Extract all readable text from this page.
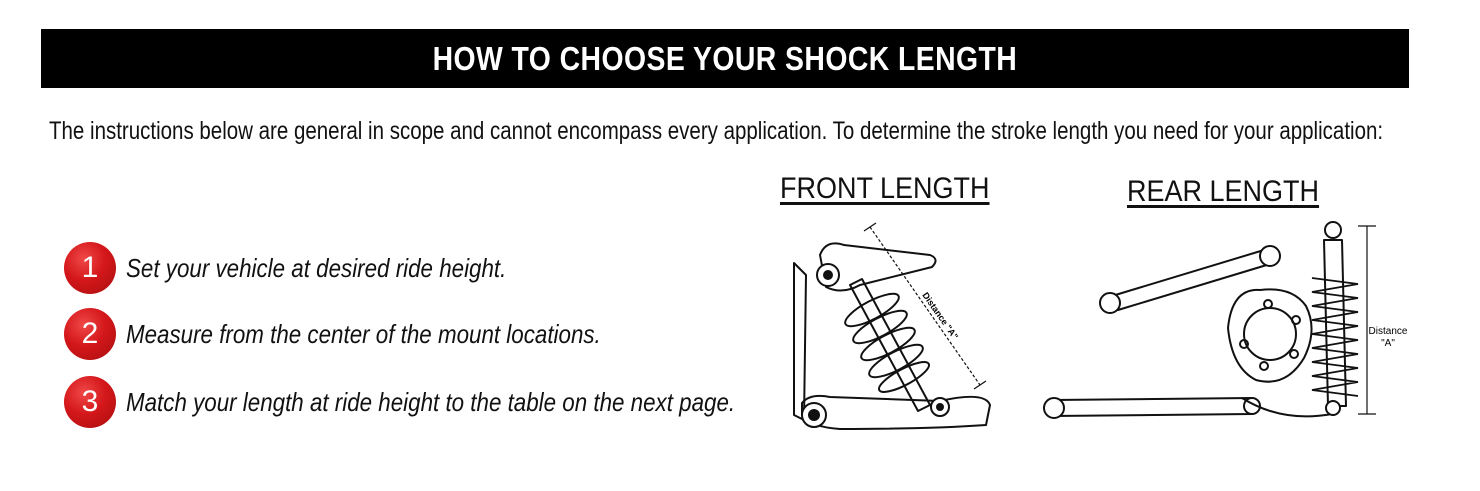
HOW TO CHOOSE YOUR SHOCK LENGTH
The instructions below are general in scope and cannot encompass every application. To determine the stroke length you need for your application:
1	Set your vehicle at desired ride height.
2	Measure from the center of the mount locations.
3	Match your length at ride height to the table on the next page.
FRONT LENGTH	REAR LENGTH
Distance "A"	Distance
"A"
